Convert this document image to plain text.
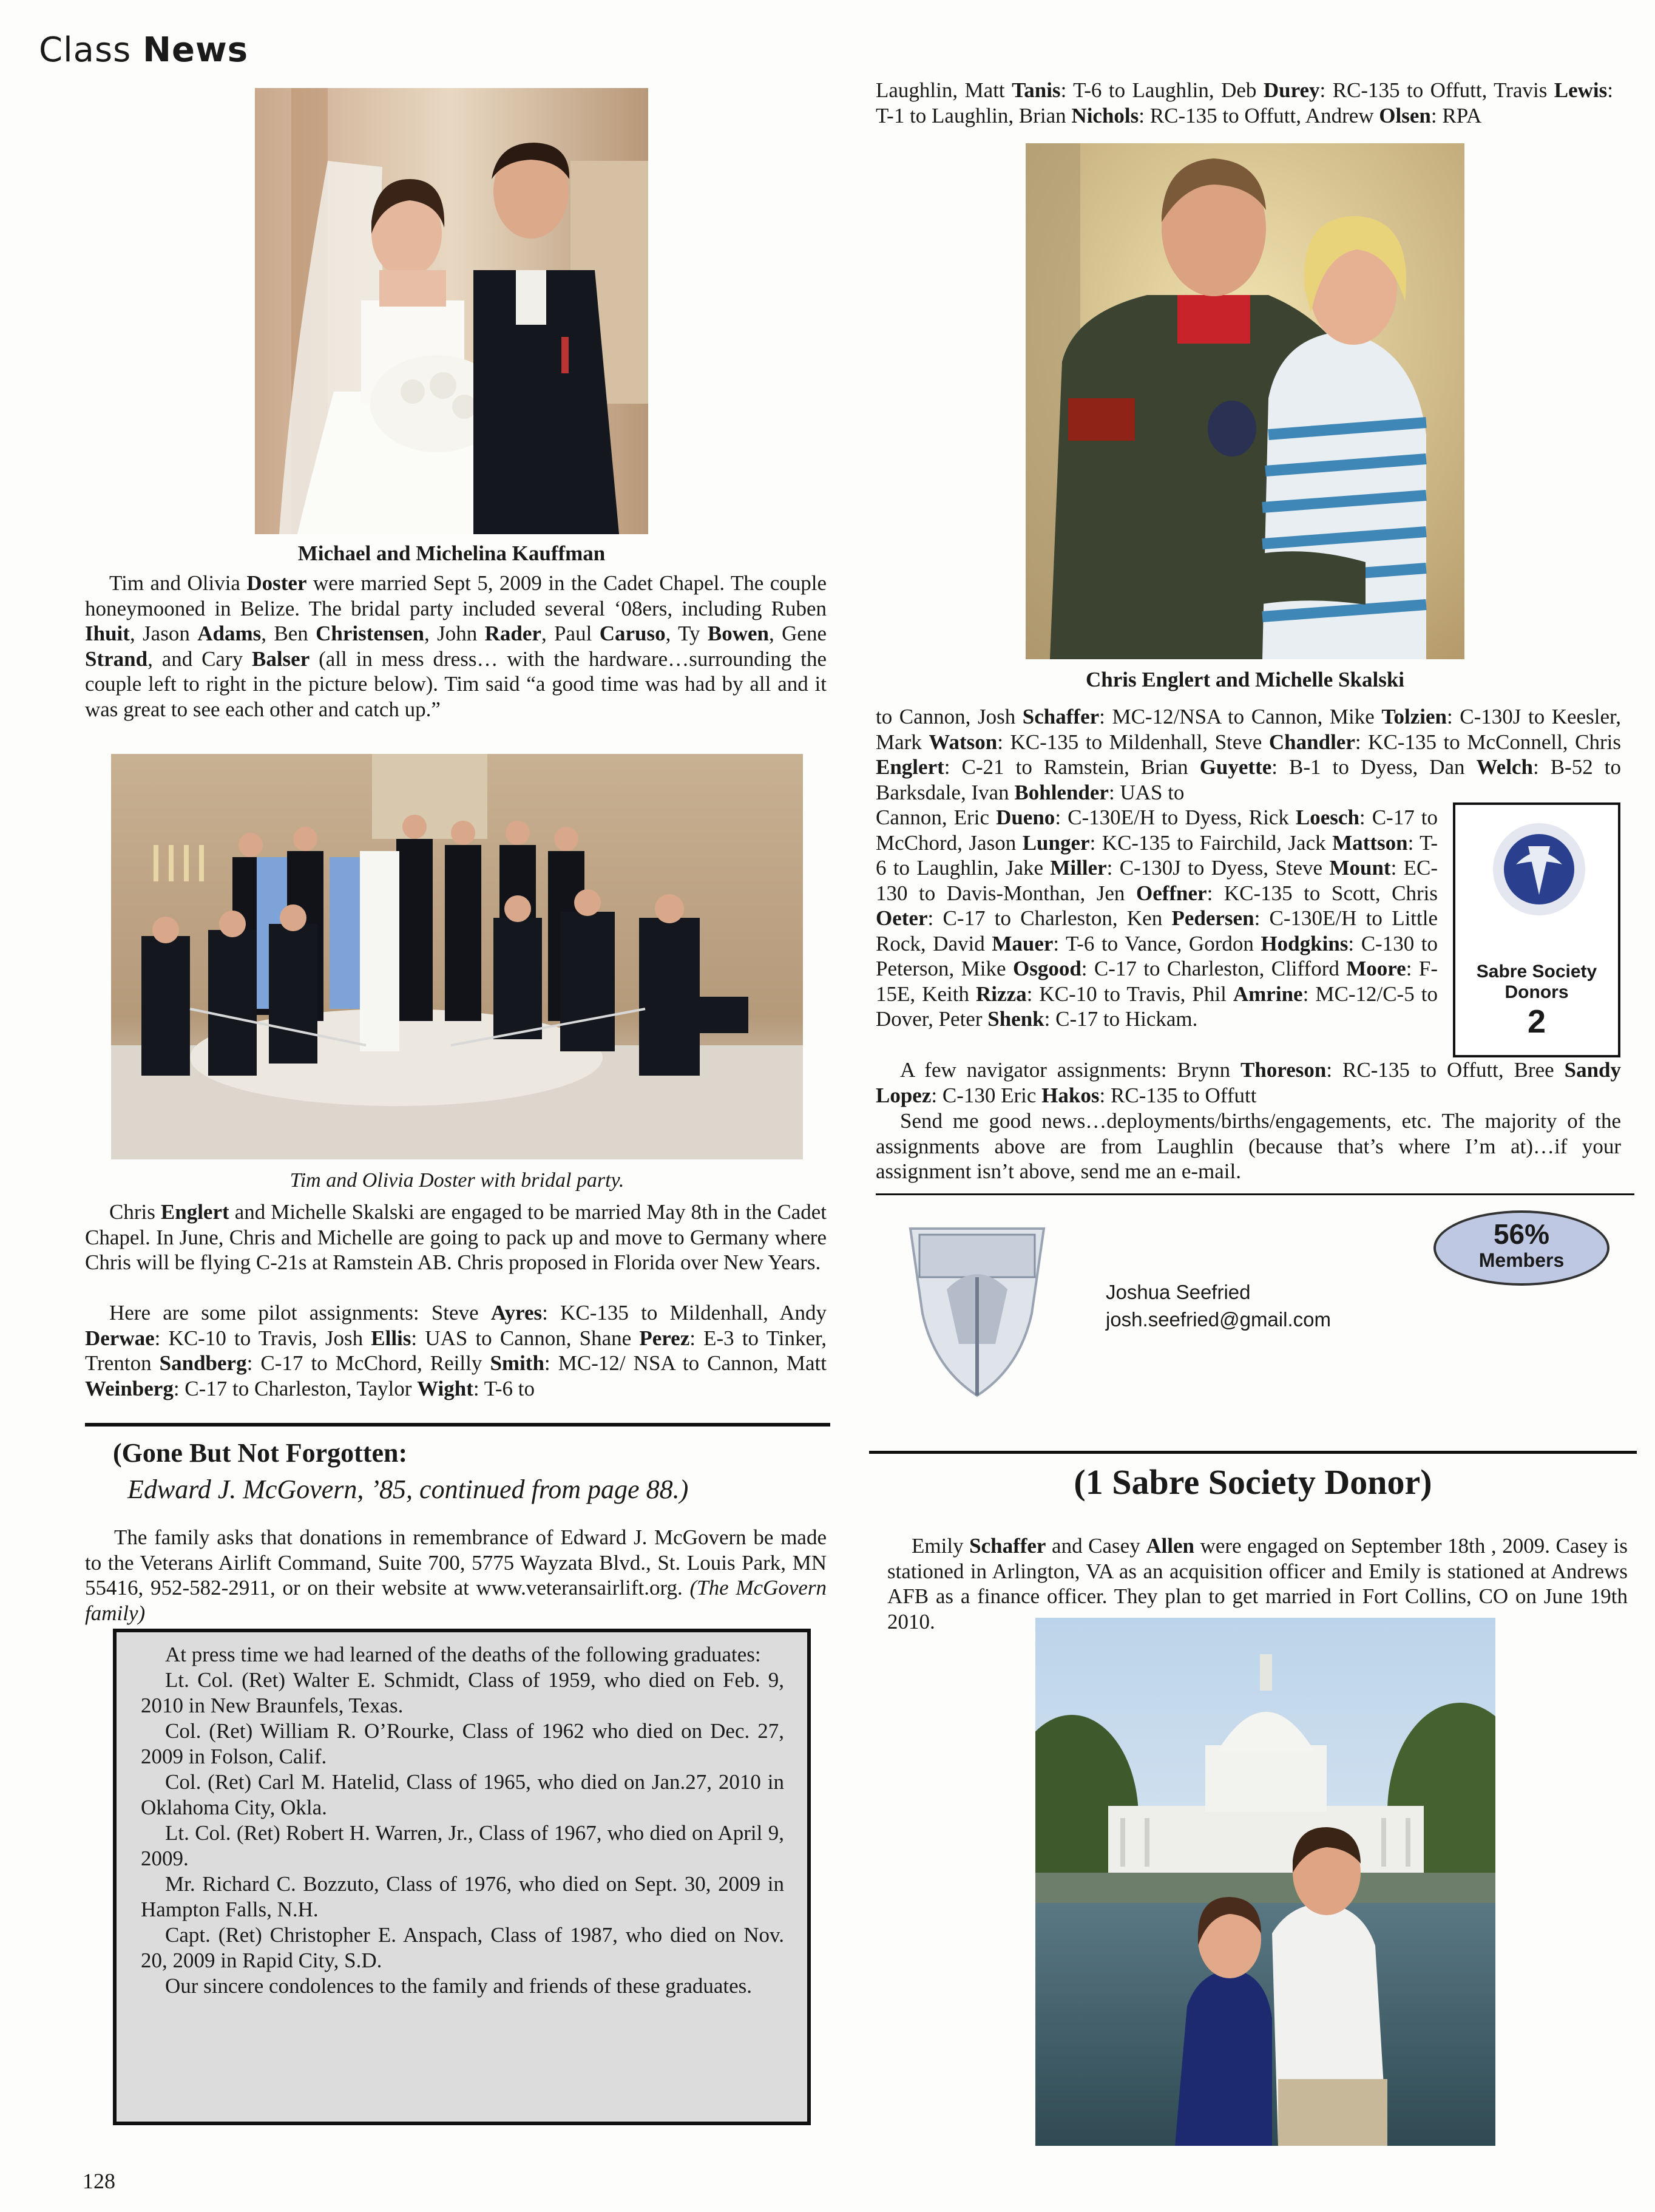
Class News
Michael and Michelina Kauffman
Tim and Olivia Doster were married Sept 5, 2009 in the Cadet Chapel. The couple honeymooned in Belize. The bridal party included several ‘08ers, including Ruben Ihuit, Jason Adams, Ben Christensen, John Rader, Paul Caruso, Ty Bowen, Gene Strand, and Cary Balser (all in mess dress… with the hardware…surrounding the couple left to right in the picture below). Tim said “a good time was had by all and it was great to see each other and catch up.”
Tim and Olivia Doster with bridal party.
Chris Englert and Michelle Skalski are engaged to be married May 8th in the Cadet Chapel. In June, Chris and Michelle are going to pack up and move to Germany where Chris will be flying C-21s at Ramstein AB. Chris proposed in Florida over New Years.
Here are some pilot assignments: Steve Ayres: KC-135 to Mildenhall, Andy Derwae: KC-10 to Travis, Josh Ellis: UAS to Cannon, Shane Perez: E-3 to Tinker, Trenton Sandberg: C-17 to McChord, Reilly Smith: MC-12/ NSA to Cannon, Matt Weinberg: C-17 to Charleston, Taylor Wight: T-6 to
(Gone But Not Forgotten:
Edward J. McGovern, ’85, continued from page 88.)
The family asks that donations in remembrance of Edward J. McGovern be made to the Veterans Airlift Command, Suite 700, 5775 Wayzata Blvd., St. Louis Park, MN 55416, 952-582-2911, or on their website at www.veteransairlift.org. (The McGovern family)
At press time we had learned of the deaths of the following graduates:
Lt. Col. (Ret) Walter E. Schmidt, Class of 1959, who died on Feb. 9, 2010 in New Braunfels, Texas.
Col. (Ret) William R. O’Rourke, Class of 1962 who died on Dec. 27, 2009 in Folson, Calif.
Col. (Ret) Carl M. Hatelid, Class of 1965, who died on Jan.27, 2010 in Oklahoma City, Okla.
Lt. Col. (Ret) Robert H. Warren, Jr., Class of 1967, who died on April 9, 2009.
Mr. Richard C. Bozzuto, Class of 1976, who died on Sept. 30, 2009 in Hampton Falls, N.H.
Capt. (Ret) Christopher E. Anspach, Class of 1987, who died on Nov. 20, 2009 in Rapid City, S.D.
Our sincere condolences to the family and friends of these graduates.
128
Laughlin, Matt Tanis: T-6 to Laughlin, Deb Durey: RC-135 to Offutt, Travis Lewis: T-1 to Laughlin, Brian Nichols: RC-135 to Offutt, Andrew Olsen: RPA
Chris Englert and Michelle Skalski
to Cannon, Josh Schaffer: MC-12/NSA to Cannon, Mike Tolzien: C-130J to Keesler, Mark Watson: KC-135 to Mildenhall, Steve Chandler: KC-135 to McConnell, Chris Englert: C-21 to Ramstein, Brian Guyette: B-1 to Dyess, Dan Welch: B-52 to Barksdale, Ivan Bohlender: UAS to
Cannon, Eric Dueno: C-130E/H to Dyess, Rick Loesch: C-17 to McChord, Jason Lunger: KC-135 to Fairchild, Jack Mattson: T-6 to Laughlin, Jake Miller: C-130J to Dyess, Steve Mount: EC-130 to Davis-Monthan, Jen Oeffner: KC-135 to Scott, Chris Oeter: C-17 to Charleston, Ken Pedersen: C-130E/H to Little Rock, David Mauer: T-6 to Vance, Gordon Hodgkins: C-130 to Peterson, Mike Osgood: C-17 to Charleston, Clifford Moore: F-15E, Keith Rizza: KC-10 to Travis, Phil Amrine: MC-12/C-5 to Dover, Peter Shenk: C-17 to Hickam.
Sabre Society Donors
2
A few navigator assignments: Brynn Thoreson: RC-135 to Offutt, Bree Sandy Lopez: C-130 Eric Hakos: RC-135 to Offutt
Send me good news…deployments/births/engagements, etc. The majority of the assignments above are from Laughlin (because that’s where I’m at)…if your assignment isn’t above, send me an e-mail.
Joshua Seefried
josh.seefried@gmail.com
56%
Members
(1 Sabre Society Donor)
Emily Schaffer and Casey Allen were engaged on September 18th , 2009. Casey is stationed in Arlington, VA as an acquisition officer and Emily is stationed at Andrews AFB as a finance officer. They plan to get married in Fort Collins, CO on June 19th 2010.
